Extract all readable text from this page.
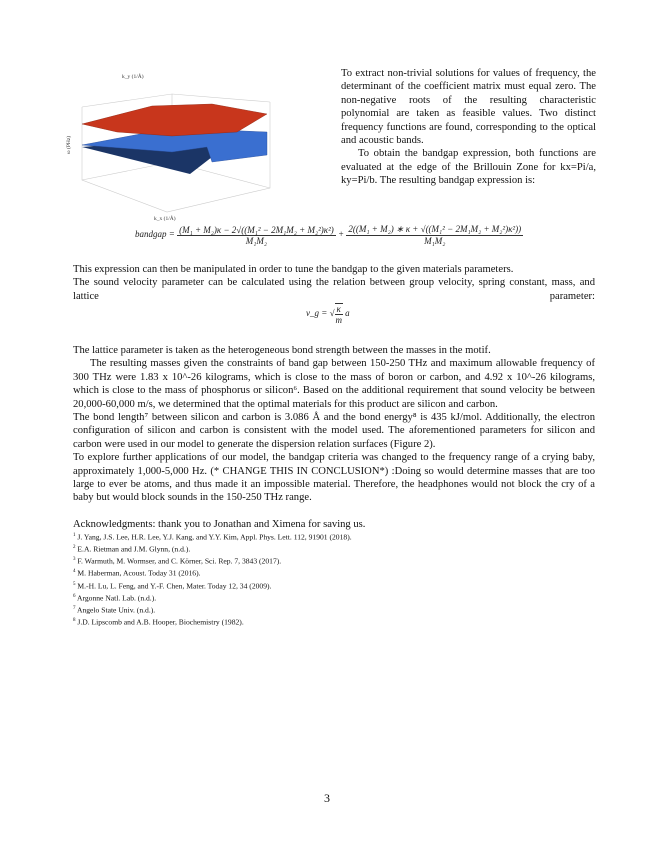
k_y (1/Å)
k_x (1/Å)
ω (PHz)

To extract non-trivial solutions for values of frequency, the determinant of the coefficient matrix must equal zero. The non-negative roots of the resulting characteristic polynomial are taken as feasible values. Two distinct frequency functions are found, corresponding to the optical and acoustic bands.

To obtain the bandgap expression, both functions are evaluated at the edge of the Brillouin Zone for kx=Pi/a, ky=Pi/b. The resulting bandgap expression is:

bandgap = $\frac{\text{(M₁ + M₂)κ − 2√((M₁² − 2M₁M₂ + M₂²)κ²)}}{\text{M₁M₂}} + \frac{\text{2((M₁ + M₂) ∗ κ + √((M₁² − 2M₁M₂ + M₂²)κ²))}}{\text{M₁M₂}}$

This expression can then be manipulated in order to tune the bandgap to the given materials parameters.

The sound velocity parameter can be calculated using the relation between group velocity, spring constant, mass, and lattice parameter:

v_g = √ $\frac{\kappa}{m}$ a

The lattice parameter is taken as the heterogeneous bond strength between the masses in the motif.

The resulting masses given the constraints of band gap between 150-250 THz and maximum allowable frequency of 300 THz were 1.83 x 10^-26 kilograms, which is close to the mass of boron or carbon, and 4.92 x 10^-26 kilograms, which is close to the mass of phosphorus or silicon⁶. Based on the additional requirement that sound velocity be between 20,000-60,000 m/s, we determined that the optimal materials for this product are silicon and carbon.

The bond length⁷ between silicon and carbon is 3.086 Å and the bond energy⁸ is 435 kJ/mol. Additionally, the electron configuration of silicon and carbon is consistent with the model used. The aforementioned parameters for silicon and carbon were used in our model to generate the dispersion relation surfaces (Figure 2).

To explore further applications of our model, the bandgap criteria was changed to the frequency range of a crying baby, approximately 1,000-5,000 Hz. (* CHANGE THIS IN CONCLUSION*) :Doing so would determine masses that are too large to ever be atoms, and thus made it an impossible material. Therefore, the headphones would not block the cry of a baby but would block sounds in the 150-250 THz range.

Acknowledgments: thank you to Jonathan and Ximena for saving us.

$^1$ J. Yang, J.S. Lee, H.R. Lee, Y.J. Kang, and Y.Y. Kim, Appl. Phys. Lett. 112, 91901 (2018).
$^2$ E.A. Rietman and J.M. Glynn, (n.d.).
$^3$ F. Warmuth, M. Wormser, and C. Körner, Sci. Rep. 7, 3843 (2017).
$^4$ M. Haberman, Acoust. Today 31 (2016).
$^5$ M.-H. Lu, L. Feng, and Y.-F. Chen, Mater. Today 12, 34 (2009).
$^6$ Argonne Natl. Lab. (n.d.).
$^7$ Angelo State Univ. (n.d.).
$^8$ J.D. Lipscomb and A.B. Hooper, Biochemistry (1982).
3
